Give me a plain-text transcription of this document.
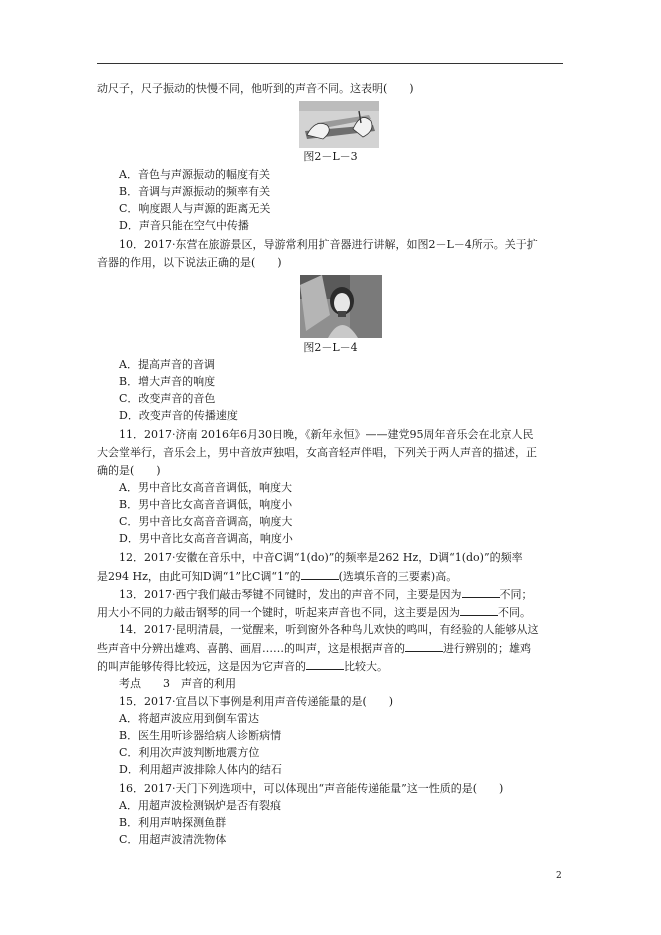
动尺子，尺子振动的快慢不同，他听到的声音不同。这表明(　　)
图2－L－3
A．音色与声源振动的幅度有关
B．音调与声源振动的频率有关
C．响度跟人与声源的距离无关
D．声音只能在空气中传播
10．2017·东营在旅游景区，导游常利用扩音器进行讲解，如图2－L－4所示。关于扩
音器的作用，以下说法正确的是(　　)
图2－L－4
A．提高声音的音调
B．增大声音的响度
C．改变声音的音色
D．改变声音的传播速度
11．2017·济南 2016年6月30日晚，《新年永恒》——建党95周年音乐会在北京人民
大会堂举行，音乐会上，男中音放声独唱，女高音轻声伴唱，下列关于两人声音的描述，正
确的是(　　)
A．男中音比女高音音调低，响度大
B．男中音比女高音音调低，响度小
C．男中音比女高音音调高，响度大
D．男中音比女高音音调高，响度小
12．2017·安徽在音乐中，中音C调“1(do)”的频率是262 Hz，D调“1(do)”的频率
是294 Hz，由此可知D调“1”比C调“1”的	(选填乐音的三要素)高。
13．2017·西宁我们敲击琴键不同键时，发出的声音不同，主要是因为	不同；
用大小不同的力敲击钢琴的同一个键时，听起来声音也不同，这主要是因为	不同。
14．2017·昆明清晨，一觉醒来，听到窗外各种鸟儿欢快的鸣叫，有经验的人能够从这
些声音中分辨出雄鸡、喜鹊、画眉……的叫声，这是根据声音的	进行辨别的；雄鸡
的叫声能够传得比较远，这是因为它声音的	比较大。
考点　　3　声音的利用
15．2017·宜昌以下事例是利用声音传递能量的是(　　)
A．将超声波应用到倒车雷达
B．医生用听诊器给病人诊断病情
C．利用次声波判断地震方位
D．利用超声波排除人体内的结石
16．2017·天门下列选项中，可以体现出“声音能传递能量”这一性质的是(　　)
A．用超声波检测锅炉是否有裂痕
B．利用声呐探测鱼群
C．用超声波清洗物体
2
